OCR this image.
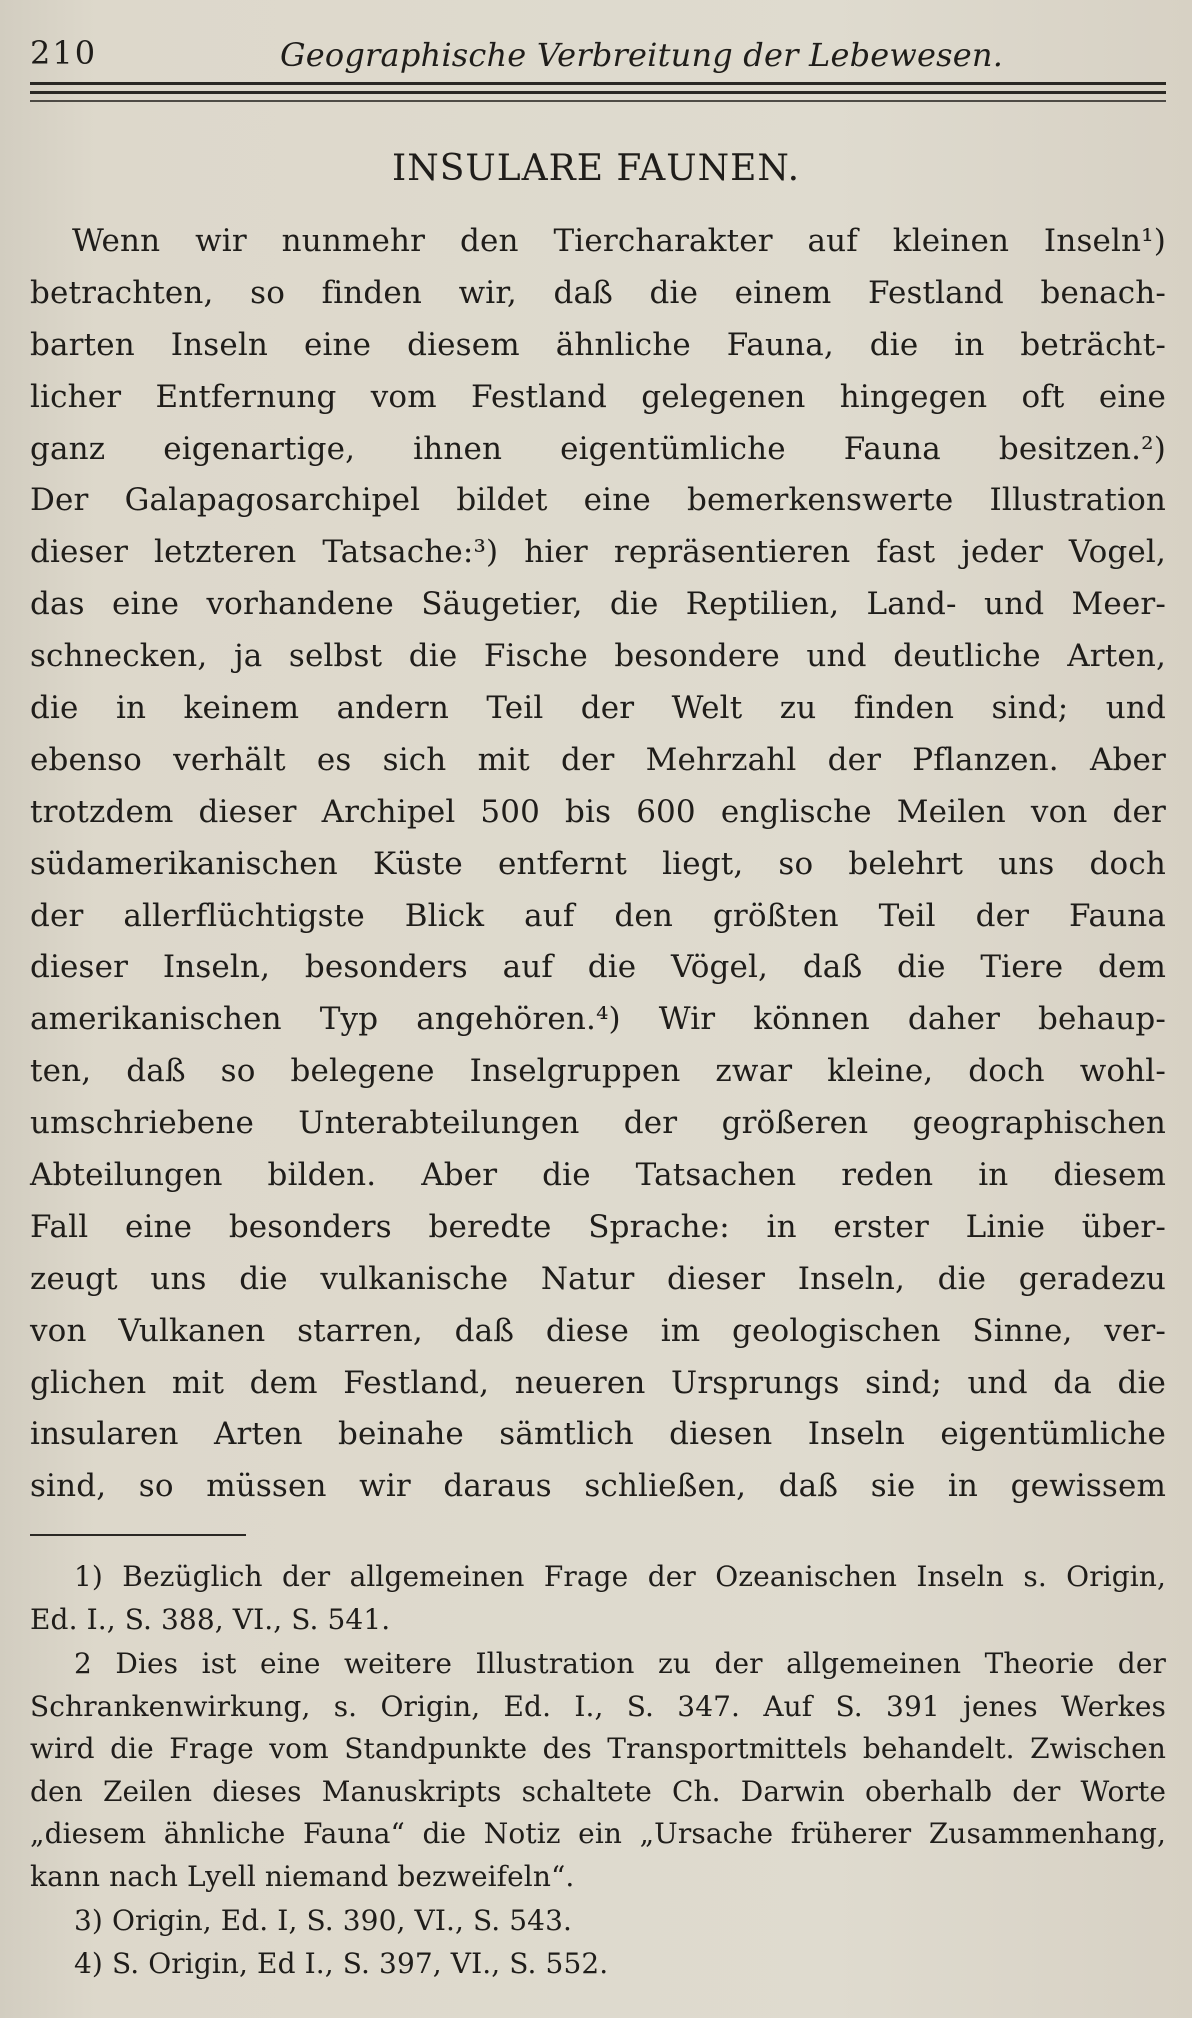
210	Geographische Verbreitung der Lebewesen.
INSULARE FAUNEN.
Wenn wir nunmehr den Tiercharakter auf kleinen Inseln¹)
betrachten, so finden wir, daß die einem Festland benach-
barten Inseln eine diesem ähnliche Fauna, die in beträcht-
licher Entfernung vom Festland gelegenen hingegen oft eine
ganz eigenartige, ihnen eigentümliche Fauna besitzen.²)
Der Galapagosarchipel bildet eine bemerkenswerte Illustration
dieser letzteren Tatsache:³) hier repräsentieren fast jeder Vogel,
das eine vorhandene Säugetier, die Reptilien, Land- und Meer-
schnecken, ja selbst die Fische besondere und deutliche Arten,
die in keinem andern Teil der Welt zu finden sind; und
ebenso verhält es sich mit der Mehrzahl der Pflanzen. Aber
trotzdem dieser Archipel 500 bis 600 englische Meilen von der
südamerikanischen Küste entfernt liegt, so belehrt uns doch
der allerflüchtigste Blick auf den größten Teil der Fauna
dieser Inseln, besonders auf die Vögel, daß die Tiere dem
amerikanischen Typ angehören.⁴) Wir können daher behaup-
ten, daß so belegene Inselgruppen zwar kleine, doch wohl-
umschriebene Unterabteilungen der größeren geographischen
Abteilungen bilden. Aber die Tatsachen reden in diesem
Fall eine besonders beredte Sprache: in erster Linie über-
zeugt uns die vulkanische Natur dieser Inseln, die geradezu
von Vulkanen starren, daß diese im geologischen Sinne, ver-
glichen mit dem Festland, neueren Ursprungs sind; und da die
insularen Arten beinahe sämtlich diesen Inseln eigentümliche
sind, so müssen wir daraus schließen, daß sie in gewissem
1) Bezüglich der allgemeinen Frage der Ozeanischen Inseln s. Origin,
Ed. I., S. 388, VI., S. 541.
2 Dies ist eine weitere Illustration zu der allgemeinen Theorie der
Schrankenwirkung, s. Origin, Ed. I., S. 347. Auf S. 391 jenes Werkes
wird die Frage vom Standpunkte des Transportmittels behandelt. Zwischen
den Zeilen dieses Manuskripts schaltete Ch. Darwin oberhalb der Worte
„diesem ähnliche Fauna“ die Notiz ein „Ursache früherer Zusammenhang,
kann nach Lyell niemand bezweifeln“.
3) Origin, Ed. I, S. 390, VI., S. 543.
4) S. Origin, Ed I., S. 397, VI., S. 552.
